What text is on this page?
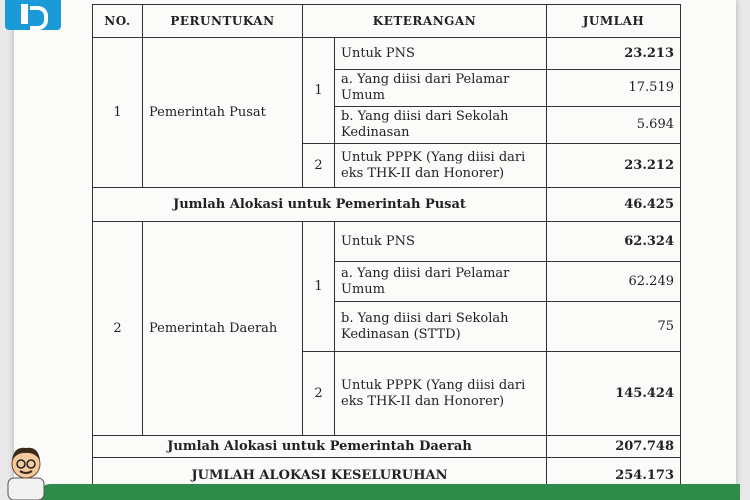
NO.	PERUNTUKAN	KETERANGAN		JUMLAH
1	Pemerintah Pusat	1	Untuk PNS	23.213
			a. Yang diisi dari Pelamar Umum	17.519
			b. Yang diisi dari Sekolah Kedinasan	5.694
		2	Untuk PPPK (Yang diisi dari eks THK-II dan Honorer)	23.212
Jumlah Alokasi untuk Pemerintah Pusat				46.425
2	Pemerintah Daerah	1	Untuk PNS	62.324
			a. Yang diisi dari Pelamar Umum	62.249
			b. Yang diisi dari Sekolah Kedinasan (STTD)	75
		2	Untuk PPPK (Yang diisi dari eks THK-II dan Honorer)	145.424
Jumlah Alokasi untuk Pemerintah Daerah				207.748
JUMLAH ALOKASI KESELURUHAN				254.173
